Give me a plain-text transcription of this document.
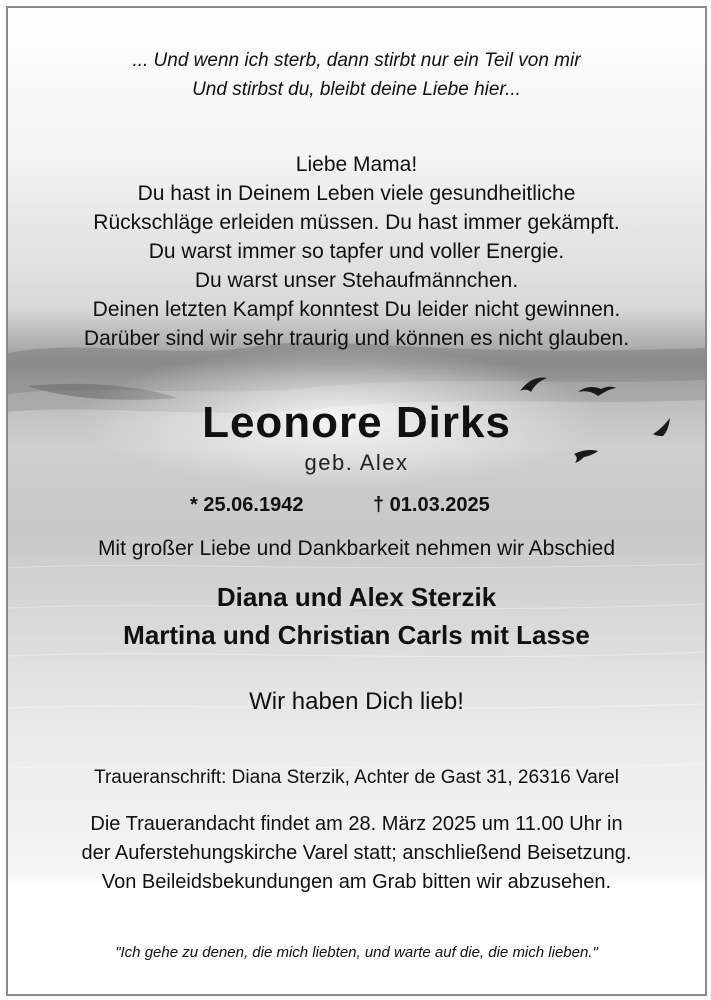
... Und wenn ich sterb, dann stirbt nur ein Teil von mir
Und stirbst du, bleibt deine Liebe hier...
Liebe Mama!
Du hast in Deinem Leben viele gesundheitliche
Rückschläge erleiden müssen. Du hast immer gekämpft.
Du warst immer so tapfer und voller Energie.
Du warst unser Stehaufmännchen.
Deinen letzten Kampf konntest Du leider nicht gewinnen.
Darüber sind wir sehr traurig und können es nicht glauben.
Leonore Dirks
geb. Alex
* 25.06.1942	† 01.03.2025
Mit großer Liebe und Dankbarkeit nehmen wir Abschied
Diana und Alex Sterzik
Martina und Christian Carls mit Lasse
Wir haben Dich lieb!
Traueranschrift: Diana Sterzik, Achter de Gast 31, 26316 Varel
Die Trauerandacht findet am 28. März 2025 um 11.00 Uhr in
der Auferstehungskirche Varel statt; anschließend Beisetzung.
Von Beileidsbekundungen am Grab bitten wir abzusehen.
"Ich gehe zu denen, die mich liebten, und warte auf die, die mich lieben."
